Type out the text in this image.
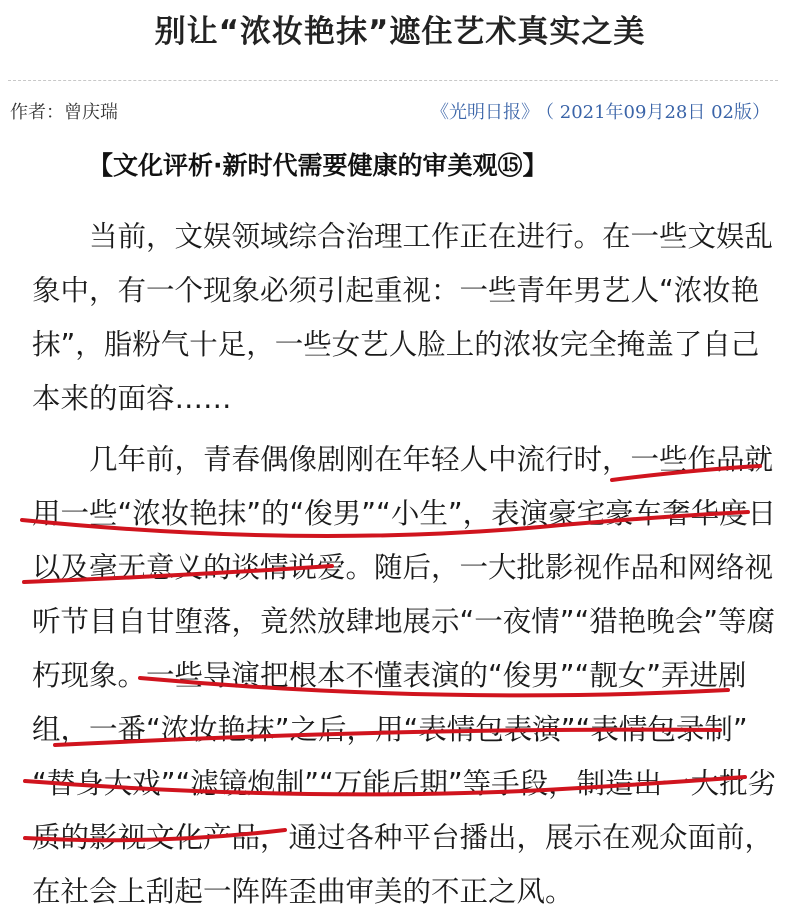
别让“浓妆艳抹”遮住艺术真实之美
作者：曾庆瑞	《光明日报》 （ 2021年09月28日 02版）
【文化评析·新时代需要健康的审美观⑮】
当前，文娱领域综合治理工作正在进行。在一些文娱乱
象中，有一个现象必须引起重视：一些青年男艺人“浓妆艳
抹”，脂粉气十足，一些女艺人脸上的浓妆完全掩盖了自己
本来的面容……
几年前，青春偶像剧刚在年轻人中流行时，一些作品就
用一些“浓妆艳抹”的“俊男”“小生”，表演豪宅豪车奢华度日
以及毫无意义的谈情说爱。随后，一大批影视作品和网络视
听节目自甘堕落，竟然放肆地展示“一夜情”“猎艳晚会”等腐
朽现象。一些导演把根本不懂表演的“俊男”“靓女”弄进剧
组，一番“浓妆艳抹”之后，用“表情包表演”“表情包录制”
“替身大戏”“滤镜炮制”“万能后期”等手段，制造出一大批劣
质的影视文化产品，通过各种平台播出，展示在观众面前，
在社会上刮起一阵阵歪曲审美的不正之风。
